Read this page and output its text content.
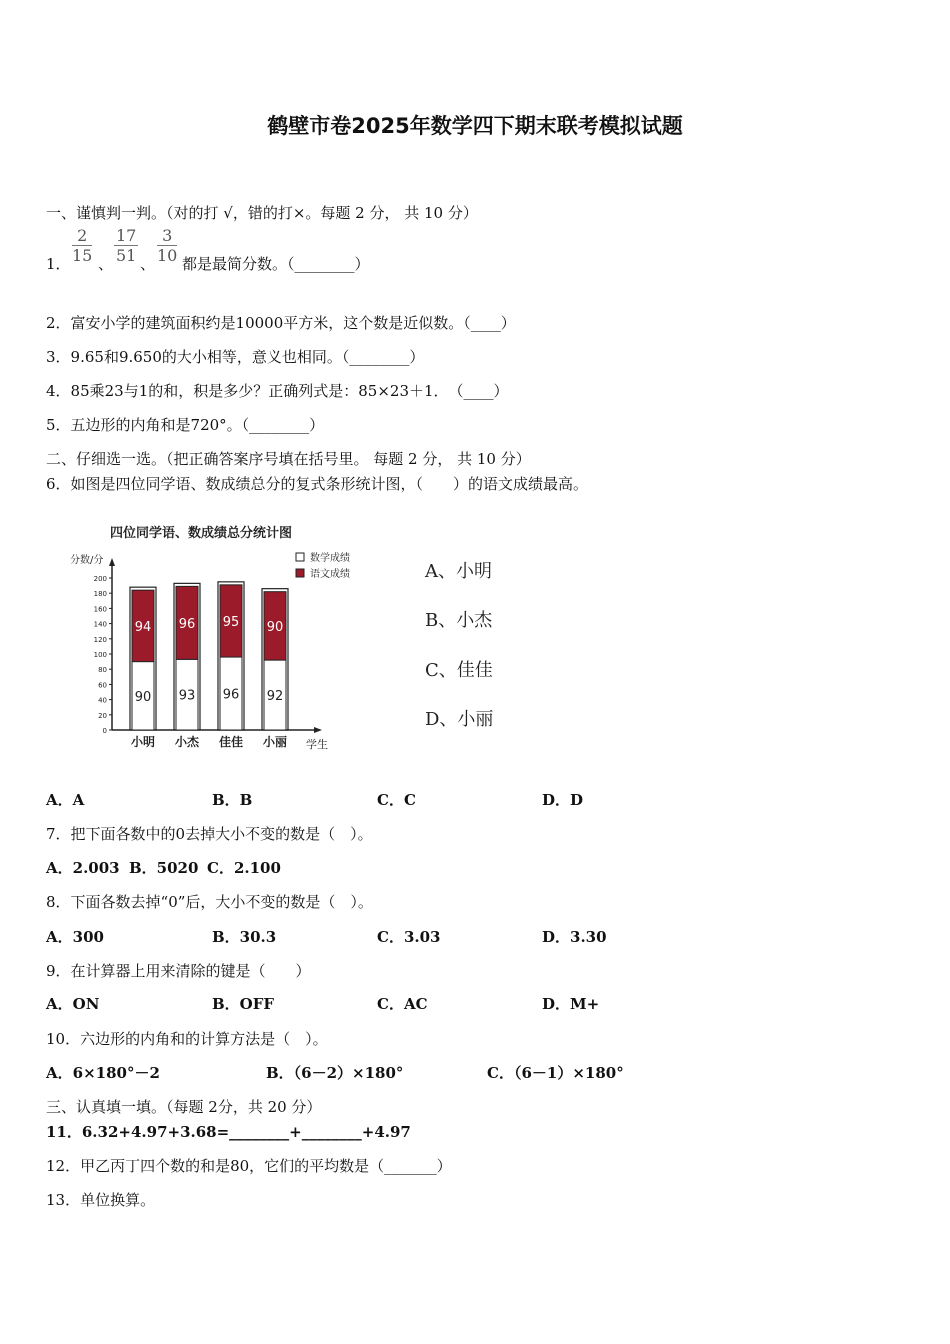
鹤壁市卷2025年数学四下期末联考模拟试题
一、谨慎判一判。（对的打 √，错的打×。每题 2 分， 共 10 分）
1． $\frac{2}{15}$ 、 $\frac{17}{51}$ 、 $\frac{3}{10}$ 都是最简分数。（________）
2．富安小学的建筑面积约是10000平方米，这个数是近似数。（____）
3．9.65和9.650的大小相等，意义也相同。（________）
4．85乘23与1的和，积是多少？正确列式是：85×23＋1．　（____）
5．五边形的内角和是720°。（________）
二、仔细选一选。（把正确答案序号填在括号里。 每题 2 分， 共 10 分）
6．如图是四位同学语、数成绩总分的复式条形统计图，（　　）的语文成绩最高。
四位同学语、数成绩总分统计图
分数/分
学生
0
20
40
60
80
100
120
140
160
180
200
90
94
93
96
96
95
92
90
小明 小杰 佳佳 小丽
数学成绩
语文成绩	A、小明
B、小杰
C、佳佳
D、小丽
A．A	B．B	C．C	D．D
7．把下面各数中的0去掉大小不变的数是（　）。
A．2.003 B．5020 C．2.100
8．下面各数去掉“0”后，大小不变的数是（　）。
A．300	B．30.3	C．3.03	D．3.30
9．在计算器上用来清除的键是（　　）
A．ON	B．OFF	C．AC	D．M+
10．六边形的内角和的计算方法是（　）。
A．6×180°－2	B．（6－2）×180°	C．（6－1）×180°
三、认真填一填。（每题 2分，共 20 分）
11．6.32+4.97+3.68=________+________+4.97
12．甲乙丙丁四个数的和是80，它们的平均数是（_______）
13．单位换算。
